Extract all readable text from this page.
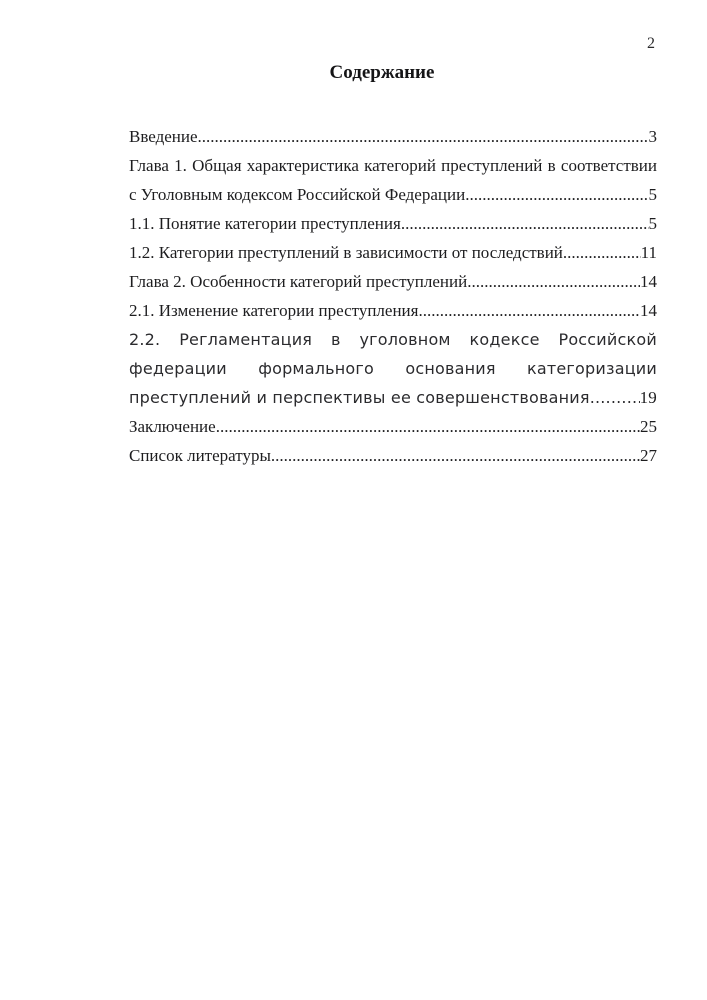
2
Содержание
Введение .....	3
Глава 1. Общая характеристика категорий преступлений в соответствии
с Уголовным кодексом Российской Федерации .....	5
1.1. Понятие категории преступления .....	5
1.2. Категории преступлений в зависимости от последствий .....	11
Глава 2. Особенности категорий преступлений .....	14
2.1. Изменение категории преступления .....	14
2.2. Регламентация в уголовном кодексе Российской
федерации формального основания категоризации
преступлений и перспективы ее совершенствования .....	19
Заключение .....	25
Список литературы .....	27
